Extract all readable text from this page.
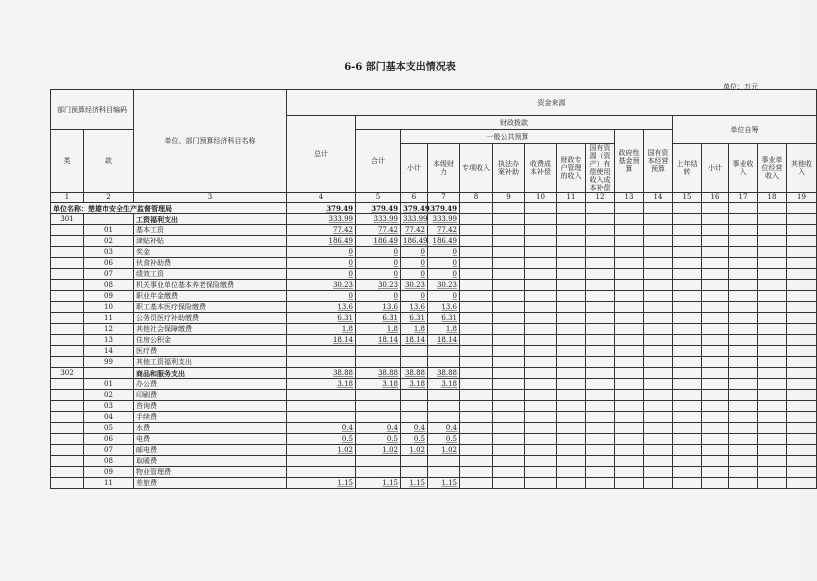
6-6 部门基本支出情况表
单位：万元
部门预算经济科目编码		单位、部门预算经济科目名称	资金来源															
			总计	财政拨款										单位自筹				
类	款			合计	一般公共预算							政府性基金预算	国有资本经营预算					
					小计	本级财力	专项收入	执法办案补助	收费成本补偿	财政专户管理的收入	国有资源（资产）有偿使用收入成本补偿			上年结转	小计	事业收入	事业单位经营收入	其他收入
1	2	3	4	5	6	7	8	9	10	11	12	13	14	15	16	17	18	19
单位名称：楚雄市安全生产监督管理局			379.49	379.49	379.49	379.49												
301		工资福利支出	333.99	333.99	333.99	333.99												
	01	基本工资	77.42	77.42	77.42	77.42												
	02	津贴补贴	186.49	186.49	186.49	186.49												
	03	奖金	0	0	0	0												
	06	伙食补助费	0	0	0	0												
	07	绩效工资	0	0	0	0												
	08	机关事业单位基本养老保险缴费	30.23	30.23	30.23	30.23												
	09	职业年金缴费	0	0	0	0												
	10	职工基本医疗保险缴费	13.6	13.6	13.6	13.6												
	11	公务员医疗补助缴费	6.31	6.31	6.31	6.31												
	12	其他社会保障缴费	1.8	1.8	1.8	1.8												
	13	住房公积金	18.14	18.14	18.14	18.14												
	14	医疗费																
	99	其他工资福利支出																
302		商品和服务支出	38.88	38.88	38.88	38.88												
	01	办公费	3.18	3.18	3.18	3.18												
	02	印刷费																
	03	咨询费																
	04	手续费																
	05	水费	0.4	0.4	0.4	0.4												
	06	电费	0.5	0.5	0.5	0.5												
	07	邮电费	1.02	1.02	1.02	1.02												
	08	取暖费																
	09	物业管理费																
	11	差旅费	1.15	1.15	1.15	1.15												
